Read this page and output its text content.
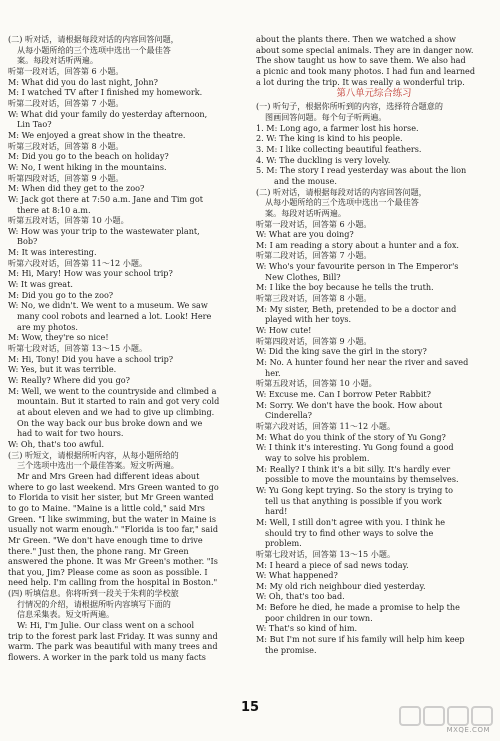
(二) 听对话，请根据每段对话的内容回答问题，
从每小题所给的三个选项中选出一个最佳答
案。每段对话听两遍。
听第一段对话，回答第 6 小题。
M: What did you do last night, John?
M: I watched TV after I finished my homework.
听第二段对话，回答第 7 小题。
W: What did your family do yesterday afternoon,
Lin Tao?
M: We enjoyed a great show in the theatre.
听第三段对话，回答第 8 小题。
M: Did you go to the beach on holiday?
W: No, I went hiking in the mountains.
听第四段对话，回答第 9 小题。
M: When did they get to the zoo?
W: Jack got there at 7:50 a.m. Jane and Tim got
there at 8:10 a.m.
听第五段对话，回答第 10 小题。
W: How was your trip to the wastewater plant,
Bob?
M: It was interesting.
听第六段对话，回答第 11～12 小题。
M: Hi, Mary! How was your school trip?
W: It was great.
M: Did you go to the zoo?
W: No, we didn't. We went to a museum. We saw
many cool robots and learned a lot. Look! Here
are my photos.
M: Wow, they're so nice!
听第七段对话，回答第 13～15 小题。
M: Hi, Tony! Did you have a school trip?
W: Yes, but it was terrible.
W: Really? Where did you go?
M: Well, we went to the countryside and climbed a
mountain. But it started to rain and got very cold
at about eleven and we had to give up climbing.
On the way back our bus broke down and we
had to wait for two hours.
W: Oh, that's too awful.
(三) 听短文，请根据所听内容，从每小题所给的
三个选项中选出一个最佳答案。短文听两遍。
Mr and Mrs Green had different ideas about
where to go last weekend. Mrs Green wanted to go
to Florida to visit her sister, but Mr Green wanted
to go to Maine. "Maine is a little cold," said Mrs
Green. "I like swimming, but the water in Maine is
usually not warm enough." "Florida is too far," said
Mr Green. "We don't have enough time to drive
there." Just then, the phone rang. Mr Green
answered the phone. It was Mr Green's mother. "Is
that you, Jim? Please come as soon as possible. I
need help. I'm calling from the hospital in Boston."
(四) 听填信息。你将听到一段关于朱莉的学校旅
行情况的介绍，请根据所听内容填写下面的
信息采集表。短文听两遍。
W: Hi, I'm Julie. Our class went on a school
trip to the forest park last Friday. It was sunny and
warm. The park was beautiful with many trees and
flowers. A worker in the park told us many facts
about the plants there. Then we watched a show
about some special animals. They are in danger now.
The show taught us how to save them. We also had
a picnic and took many photos. I had fun and learned
a lot during the trip. It was really a wonderful trip.
第八单元综合练习
(一) 听句子，根据你所听到的内容，选择符合题意的
图画回答问题。每个句子听两遍。
1. M: Long ago, a farmer lost his horse.
2. W: The king is kind to his people.
3. M: I like collecting beautiful feathers.
4. W: The duckling is very lovely.
5. M: The story I read yesterday was about the lion
and the mouse.
(二) 听对话，请根据每段对话的内容回答问题，
从每小题所给的三个选项中选出一个最佳答
案。每段对话听两遍。
听第一段对话，回答第 6 小题。
W: What are you doing?
M: I am reading a story about a hunter and a fox.
听第二段对话，回答第 7 小题。
W: Who's your favourite person in The Emperor's
New Clothes, Bill?
M: I like the boy because he tells the truth.
听第三段对话，回答第 8 小题。
M: My sister, Beth, pretended to be a doctor and
played with her toys.
W: How cute!
听第四段对话，回答第 9 小题。
W: Did the king save the girl in the story?
M: No. A hunter found her near the river and saved
her.
听第五段对话，回答第 10 小题。
W: Excuse me. Can I borrow Peter Rabbit?
M: Sorry. We don't have the book. How about
Cinderella?
听第六段对话，回答第 11～12 小题。
M: What do you think of the story of Yu Gong?
W: I think it's interesting. Yu Gong found a good
way to solve his problem.
M: Really? I think it's a bit silly. It's hardly ever
possible to move the mountains by themselves.
W: Yu Gong kept trying. So the story is trying to
tell us that anything is possible if you work
hard!
M: Well, I still don't agree with you. I think he
should try to find other ways to solve the
problem.
听第七段对话，回答第 13～15 小题。
M: I heard a piece of sad news today.
W: What happened?
M: My old rich neighbour died yesterday.
W: Oh, that's too bad.
M: Before he died, he made a promise to help the
poor children in our town.
W: That's so kind of him.
M: But I'm not sure if his family will help him keep
the promise.
15
MXQE.COM
